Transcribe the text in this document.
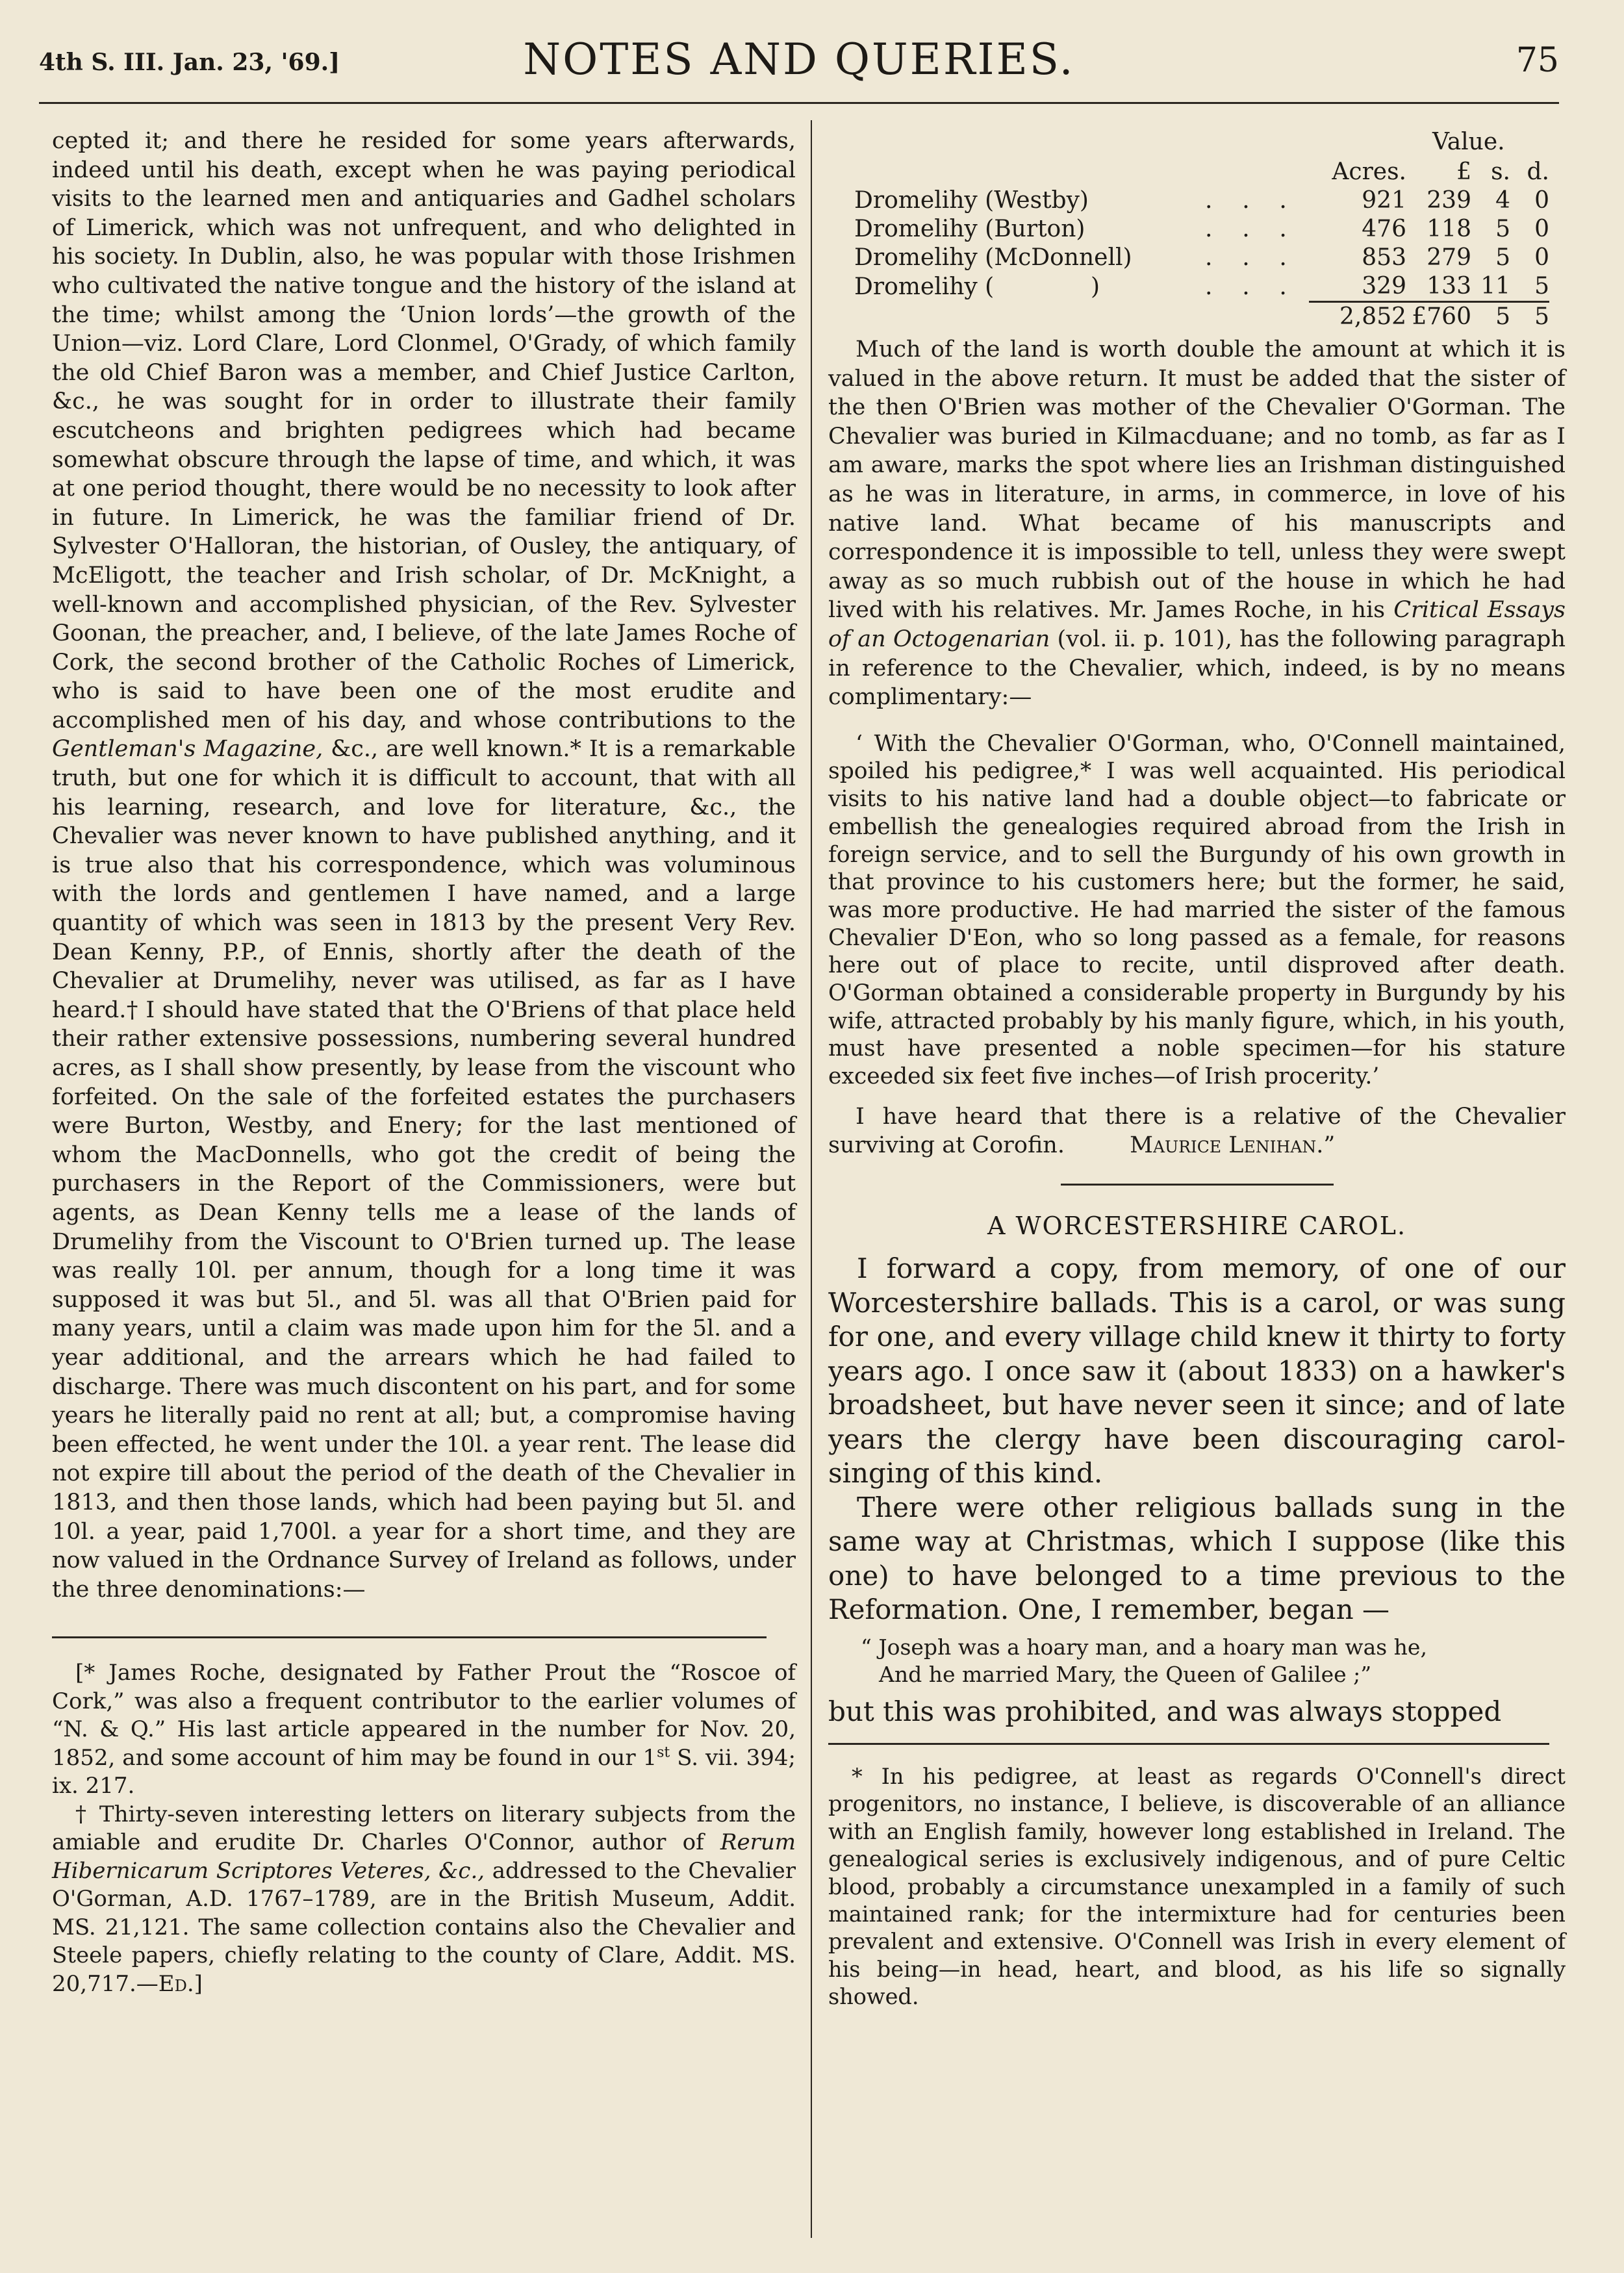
4th S. III. Jan. 23, '69.]	NOTES AND QUERIES.	75

cepted it; and there he resided for some years afterwards, indeed until his death, except when he was paying periodical visits to the learned men and antiquaries and Gadhel scholars of Limerick, which was not unfrequent, and who delighted in his society. In Dublin, also, he was popular with those Irishmen who cultivated the native tongue and the history of the island at the time; whilst among the ‘Union lords’—the growth of the Union—viz. Lord Clare, Lord Clonmel, O'Grady, of which family the old Chief Baron was a member, and Chief Justice Carlton, &c., he was sought for in order to illustrate their family escutcheons and brighten pedigrees which had became somewhat obscure through the lapse of time, and which, it was at one period thought, there would be no necessity to look after in future. In Limerick, he was the familiar friend of Dr. Sylvester O'Halloran, the historian, of Ousley, the antiquary, of McEligott, the teacher and Irish scholar, of Dr. McKnight, a well-known and accomplished physician, of the Rev. Sylvester Goonan, the preacher, and, I believe, of the late James Roche of Cork, the second brother of the Catholic Roches of Limerick, who is said to have been one of the most erudite and accomplished men of his day, and whose contributions to the Gentleman's Magazine, &c., are well known.* It is a remarkable truth, but one for which it is difficult to account, that with all his learning, research, and love for literature, &c., the Chevalier was never known to have published anything, and it is true also that his correspondence, which was voluminous with the lords and gentlemen I have named, and a large quantity of which was seen in 1813 by the present Very Rev. Dean Kenny, P.P., of Ennis, shortly after the death of the Chevalier at Drumelihy, never was utilised, as far as I have heard.† I should have stated that the O'Briens of that place held their rather extensive possessions, numbering several hundred acres, as I shall show presently, by lease from the viscount who forfeited. On the sale of the forfeited estates the purchasers were Burton, Westby, and Enery; for the last mentioned of whom the MacDonnells, who got the credit of being the purchasers in the Report of the Commissioners, were but agents, as Dean Kenny tells me a lease of the lands of Drumelihy from the Viscount to O'Brien turned up. The lease was really 10l. per annum, though for a long time it was supposed it was but 5l., and 5l. was all that O'Brien paid for many years, until a claim was made upon him for the 5l. and a year additional, and the arrears which he had failed to discharge. There was much discontent on his part, and for some years he literally paid no rent at all; but, a compromise having been effected, he went under the 10l. a year rent. The lease did not expire till about the period of the death of the Chevalier in 1813, and then those lands, which had been paying but 5l. and 10l. a year, paid 1,700l. a year for a short time, and they are now valued in the Ordnance Survey of Ireland as follows, under the three denominations:—

[* James Roche, designated by Father Prout the “Roscoe of Cork,” was also a frequent contributor to the earlier volumes of “N. & Q.” His last article appeared in the number for Nov. 20, 1852, and some account of him may be found in our 1st S. vii. 394; ix. 217.

† Thirty-seven interesting letters on literary subjects from the amiable and erudite Dr. Charles O'Connor, author of Rerum Hibernicarum Scriptores Veteres, &c., addressed to the Chevalier O'Gorman, A.D. 1767–1789, are in the British Museum, Addit. MS. 21,121. The same collection contains also the Chevalier and Steele papers, chiefly relating to the county of Clare, Addit. MS. 20,717.—Ed.]

Value.
		Acres.	£	s.	d.
Dromelihy (Westby)	.    .    .	921	239	4	0
Dromelihy (Burton)	.    .    .	476	118	5	0
Dromelihy (McDonnell)	.    .    .	853	279	5	0
Dromelihy (             )	.    .    .	329	133	11	5
		2,852	£760	5	5

Much of the land is worth double the amount at which it is valued in the above return. It must be added that the sister of the then O'Brien was mother of the Chevalier O'Gorman. The Chevalier was buried in Kilmacduane; and no tomb, as far as I am aware, marks the spot where lies an Irishman distinguished as he was in literature, in arms, in commerce, in love of his native land. What became of his manuscripts and correspondence it is impossible to tell, unless they were swept away as so much rubbish out of the house in which he had lived with his relatives. Mr. James Roche, in his Critical Essays of an Octogenarian (vol. ii. p. 101), has the following paragraph in reference to the Chevalier, which, indeed, is by no means complimentary:—

‘ With the Chevalier O'Gorman, who, O'Connell maintained, spoiled his pedigree,* I was well acquainted. His periodical visits to his native land had a double object—to fabricate or embellish the genealogies required abroad from the Irish in foreign service, and to sell the Burgundy of his own growth in that province to his customers here; but the former, he said, was more productive. He had married the sister of the famous Chevalier D'Eon, who so long passed as a female, for reasons here out of place to recite, until disproved after death. O'Gorman obtained a considerable property in Burgundy by his wife, attracted probably by his manly figure, which, in his youth, must have presented a noble specimen—for his stature exceeded six feet five inches—of Irish procerity.’

I have heard that there is a relative of the Chevalier surviving at Corofin.	Maurice Lenihan.”

A WORCESTERSHIRE CAROL.

I forward a copy, from memory, of one of our Worcestershire ballads. This is a carol, or was sung for one, and every village child knew it thirty to forty years ago. I once saw it (about 1833) on a hawker's broadsheet, but have never seen it since; and of late years the clergy have been discouraging carol-singing of this kind.

There were other religious ballads sung in the same way at Christmas, which I suppose (like this one) to have belonged to a time previous to the Reformation. One, I remember, began —

“ Joseph was a hoary man, and a hoary man was he,
And he married Mary, the Queen of Galilee ;”

but this was prohibited, and was always stopped

* In his pedigree, at least as regards O'Connell's direct progenitors, no instance, I believe, is discoverable of an alliance with an English family, however long established in Ireland. The genealogical series is exclusively indigenous, and of pure Celtic blood, probably a circumstance unexampled in a family of such maintained rank; for the intermixture had for centuries been prevalent and extensive. O'Connell was Irish in every element of his being—in head, heart, and blood, as his life so signally showed.
